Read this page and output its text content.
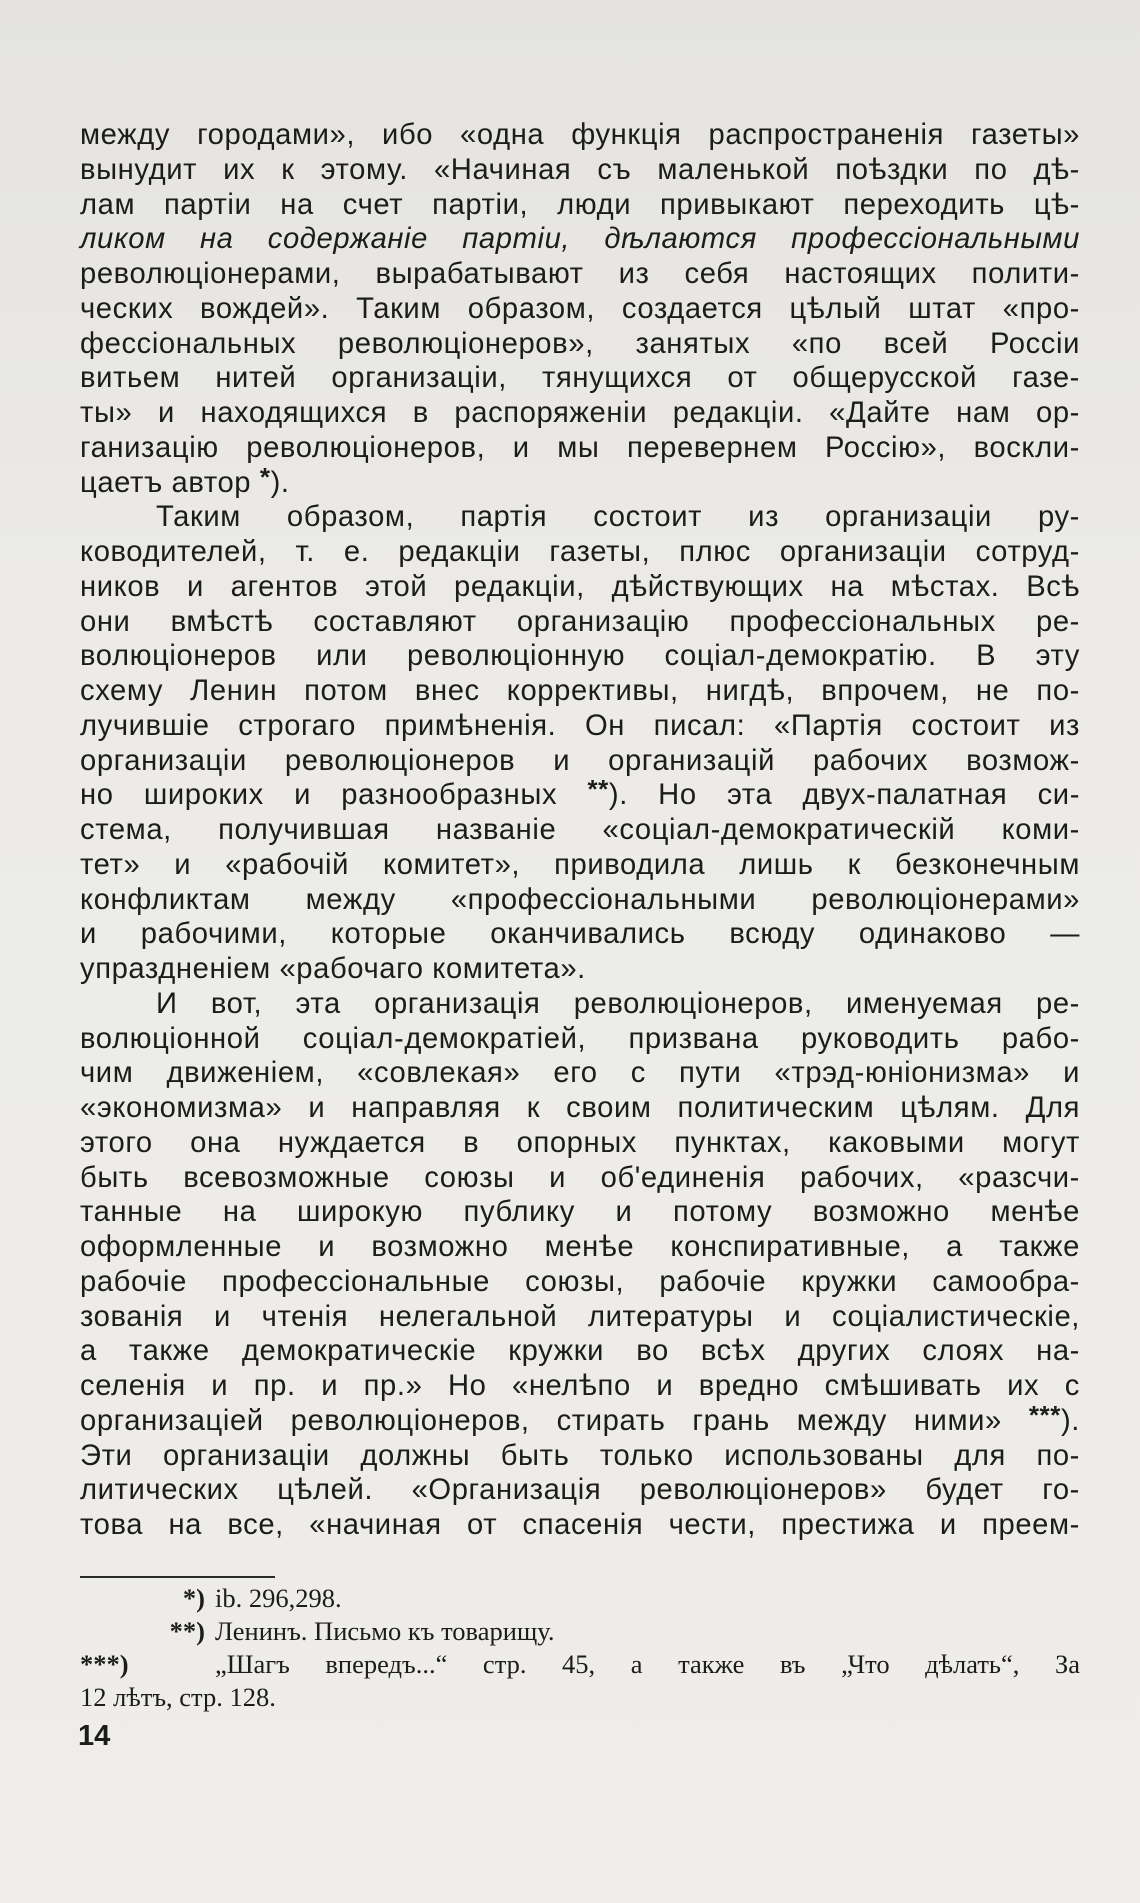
между городами», ибо «одна функція распространенія газеты»
вынудит их к этому. «Начиная съ маленькой поѣздки по дѣ-
лам партіи на счет партіи, люди привыкают переходить цѣ-
ликом на содержаніе партіи, дѣлаются профессіональными
революціонерами, вырабатывают из себя настоящих полити-
ческих вождей». Таким образом, создается цѣлый штат «про-
фессіональных революціонеров», занятых «по всей Россіи
витьем нитей организаціи, тянущихся от общерусской газе-
ты» и находящихся в распоряженіи редакціи. «Дайте нам ор-
ганизацію революціонеров, и мы перевернем Россію», воскли-
цаетъ автор *).
Таким образом, партія состоит из организаціи ру-
ководителей, т. е. редакціи газеты, плюс организаціи сотруд-
ников и агентов этой редакціи, дѣйствующих на мѣстах. Всѣ
они вмѣстѣ составляют организацію профессіональных ре-
волюціонеров или революціонную соціал-демократію. В эту
схему Ленин потом внес коррективы, нигдѣ, впрочем, не по-
лучившіе строгаго примѣненія. Он писал: «Партія состоит из
организаціи революціонеров и организацій рабочих возмож-
но широких и разнообразных **). Но эта двух-палатная си-
стема, получившая названіе «соціал-демократическій коми-
тет» и «рабочій комитет», приводила лишь к безконечным
конфликтам между «профессіональными революціонерами»
и рабочими, которые оканчивались всюду одинаково —
упраздненіем «рабочаго комитета».
И вот, эта организація революціонеров, именуемая ре-
волюціонной соціал-демократіей, призвана руководить рабо-
чим движеніем, «совлекая» его с пути «трэд-юніонизма» и
«экономизма» и направляя к своим политическим цѣлям. Для
этого она нуждается в опорных пунктах, каковыми могут
быть всевозможные союзы и об'единенія рабочих, «разсчи-
танные на широкую публику и потому возможно менѣе
оформленные и возможно менѣе конспиративные, а также
рабочіе профессіональные союзы, рабочіе кружки самообра-
зованія и чтенія нелегальной литературы и соціалистическіе,
а также демократическіе кружки во всѣх других слоях на-
селенія и пр. и пр.» Но «нелѣпо и вредно смѣшивать их с
организаціей революціонеров, стирать грань между ними» ***).
Эти организаціи должны быть только использованы для по-
литических цѣлей. «Организація революціонеров» будет го-
това на все, «начиная от спасенія чести, престижа и преем-
*) ib. 296,298.
**) Ленинъ. Письмо къ товарищу.
***)	„Шагъ впередъ...“ стр. 45, а также въ „Что дѣлать“, За
12 лѣтъ, стр. 128.
14
